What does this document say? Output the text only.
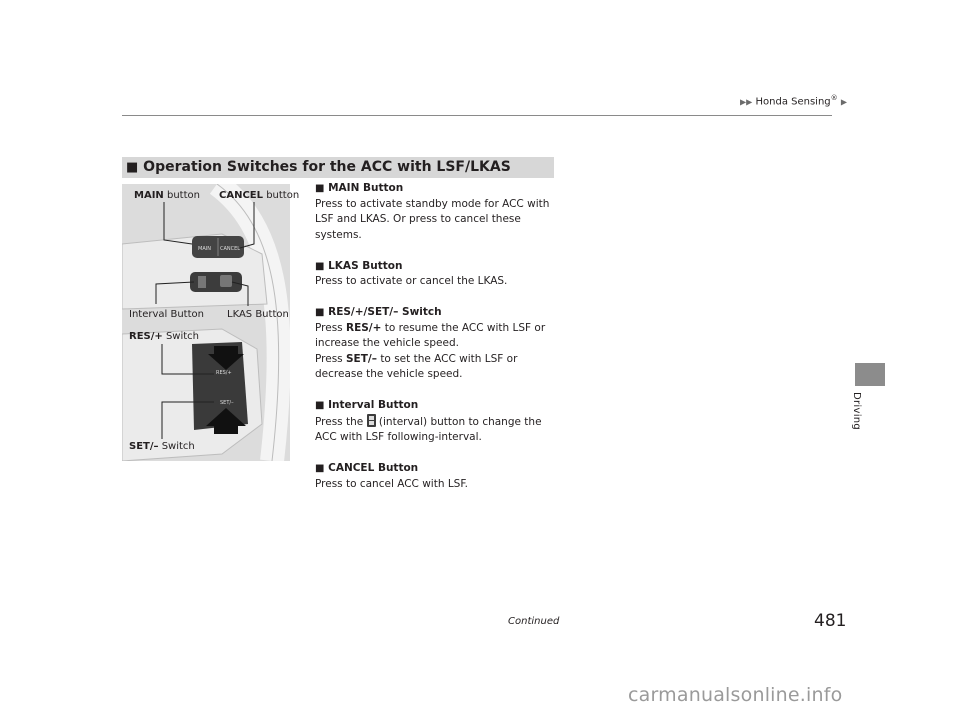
▶▶ Honda Sensing® ▶
Driving
■ Operation Switches for the ACC with LSF/LKAS
MAIN CANCEL
RES/+
SET/–
MAIN button CANCEL button
Interval Button LKAS Button
RES/+ Switch
SET/– Switch
■ MAIN Button

Press to activate standby mode for ACC with LSF and LKAS. Or press to cancel these systems.

■ LKAS Button

Press to activate or cancel the LKAS.

■ RES/+/SET/– Switch

Press RES/+ to resume the ACC with LSF or increase the vehicle speed.
Press SET/– to set the ACC with LSF or decrease the vehicle speed.

■ Interval Button

Press the (interval) button to change the ACC with LSF following-interval.

■ CANCEL Button

Press to cancel ACC with LSF.

Continued	481
carmanualsonline.info
